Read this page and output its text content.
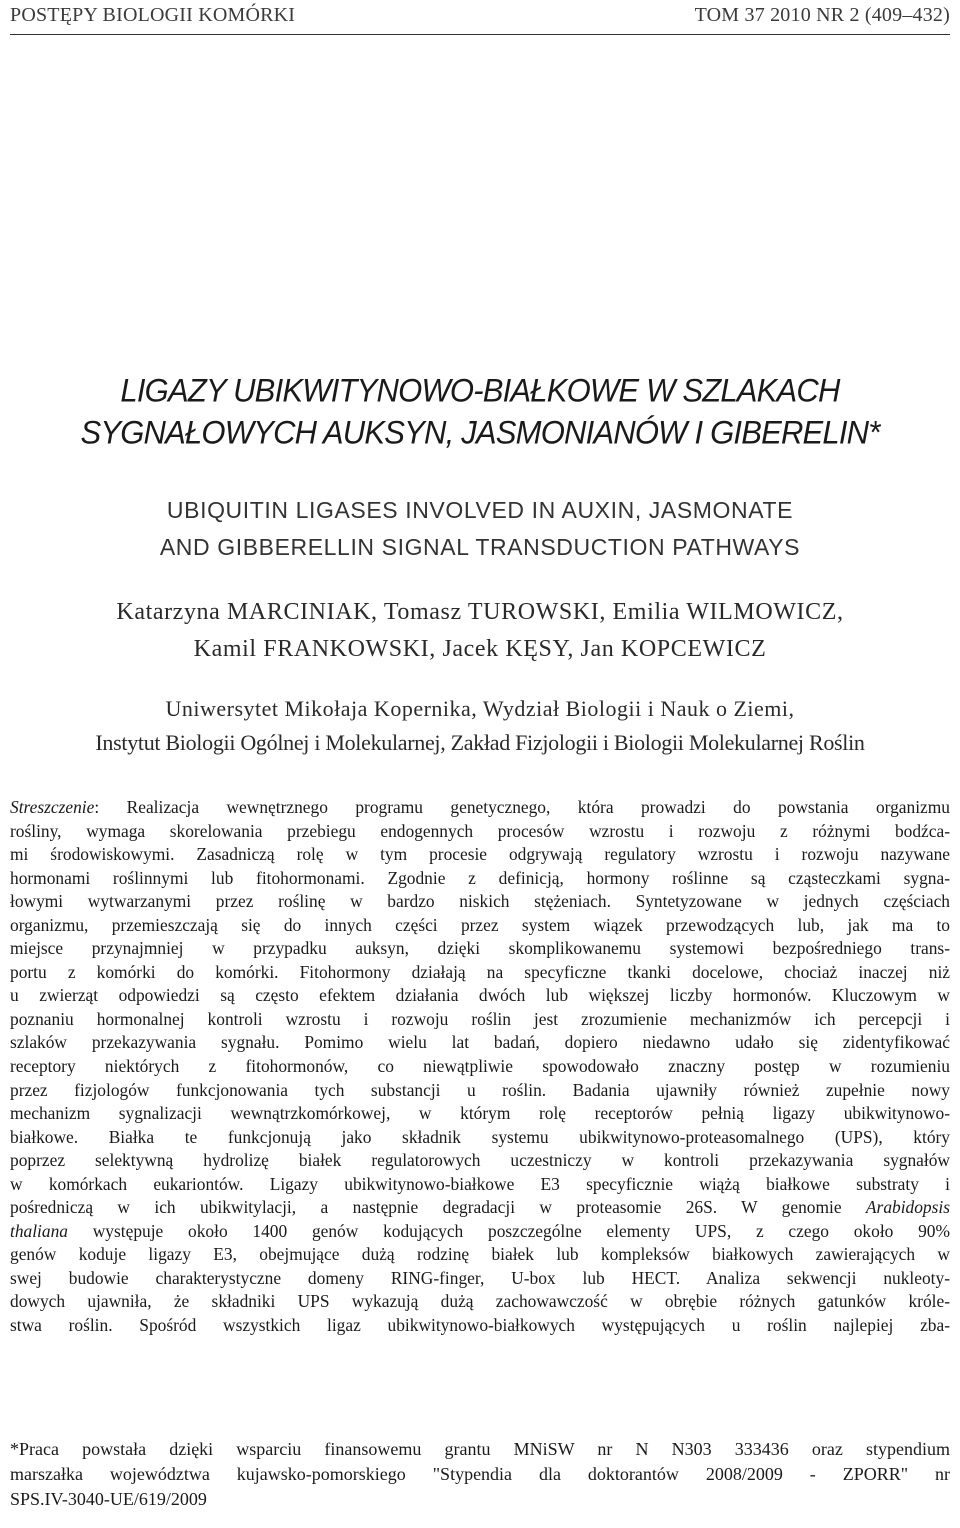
POSTĘPY BIOLOGII KOMÓRKI	TOM 37 2010 NR 2 (409–432)
LIGAZY UBIKWITYNOWO-BIAŁKOWE W SZLAKACH
SYGNAŁOWYCH AUKSYN, JASMONIANÓW I GIBERELIN*
UBIQUITIN LIGASES INVOLVED IN AUXIN, JASMONATE
AND GIBBERELLIN SIGNAL TRANSDUCTION PATHWAYS
Katarzyna MARCINIAK, Tomasz TUROWSKI, Emilia WILMOWICZ,
Kamil FRANKOWSKI, Jacek KĘSY, Jan KOPCEWICZ
Uniwersytet Mikołaja Kopernika, Wydział Biologii i Nauk o Ziemi,
Instytut Biologii Ogólnej i Molekularnej, Zakład Fizjologii i Biologii Molekularnej Roślin
Streszczenie: Realizacja wewnętrznego programu genetycznego, która prowadzi do powstania organizmu
rośliny, wymaga skorelowania przebiegu endogennych procesów wzrostu i rozwoju z różnymi bodźca-
mi środowiskowymi. Zasadniczą rolę w tym procesie odgrywają regulatory wzrostu i rozwoju nazywane
hormonami roślinnymi lub fitohormonami. Zgodnie z definicją, hormony roślinne są cząsteczkami sygna-
łowymi wytwarzanymi przez roślinę w bardzo niskich stężeniach. Syntetyzowane w jednych częściach
organizmu, przemieszczają się do innych części przez system wiązek przewodzących lub, jak ma to
miejsce przynajmniej w przypadku auksyn, dzięki skomplikowanemu systemowi bezpośredniego trans-
portu z komórki do komórki. Fitohormony działają na specyficzne tkanki docelowe, chociaż inaczej niż
u zwierząt odpowiedzi są często efektem działania dwóch lub większej liczby hormonów. Kluczowym w
poznaniu hormonalnej kontroli wzrostu i rozwoju roślin jest zrozumienie mechanizmów ich percepcji i
szlaków przekazywania sygnału. Pomimo wielu lat badań, dopiero niedawno udało się zidentyfikować
receptory niektórych z fitohormonów, co niewątpliwie spowodowało znaczny postęp w rozumieniu
przez fizjologów funkcjonowania tych substancji u roślin. Badania ujawniły również zupełnie nowy
mechanizm sygnalizacji wewnątrzkomórkowej, w którym rolę receptorów pełnią ligazy ubikwitynowo-
białkowe. Białka te funkcjonują jako składnik systemu ubikwitynowo-proteasomalnego (UPS), który
poprzez selektywną hydrolizę białek regulatorowych uczestniczy w kontroli przekazywania sygnałów
w komórkach eukariontów. Ligazy ubikwitynowo-białkowe E3 specyficznie wiążą białkowe substraty i
pośredniczą w ich ubikwitylacji, a następnie degradacji w proteasomie 26S. W genomie Arabidopsis
thaliana występuje około 1400 genów kodujących poszczególne elementy UPS, z czego około 90%
genów koduje ligazy E3, obejmujące dużą rodzinę białek lub kompleksów białkowych zawierających w
swej budowie charakterystyczne domeny RING-finger, U-box lub HECT. Analiza sekwencji nukleoty-
dowych ujawniła, że składniki UPS wykazują dużą zachowawczość w obrębie różnych gatunków króle-
stwa roślin. Spośród wszystkich ligaz ubikwitynowo-białkowych występujących u roślin najlepiej zba-
*Praca powstała dzięki wsparciu finansowemu grantu MNiSW nr N N303 333436 oraz stypendium
marszałka województwa kujawsko-pomorskiego "Stypendia dla doktorantów 2008/2009 - ZPORR" nr
SPS.IV-3040-UE/619/2009
